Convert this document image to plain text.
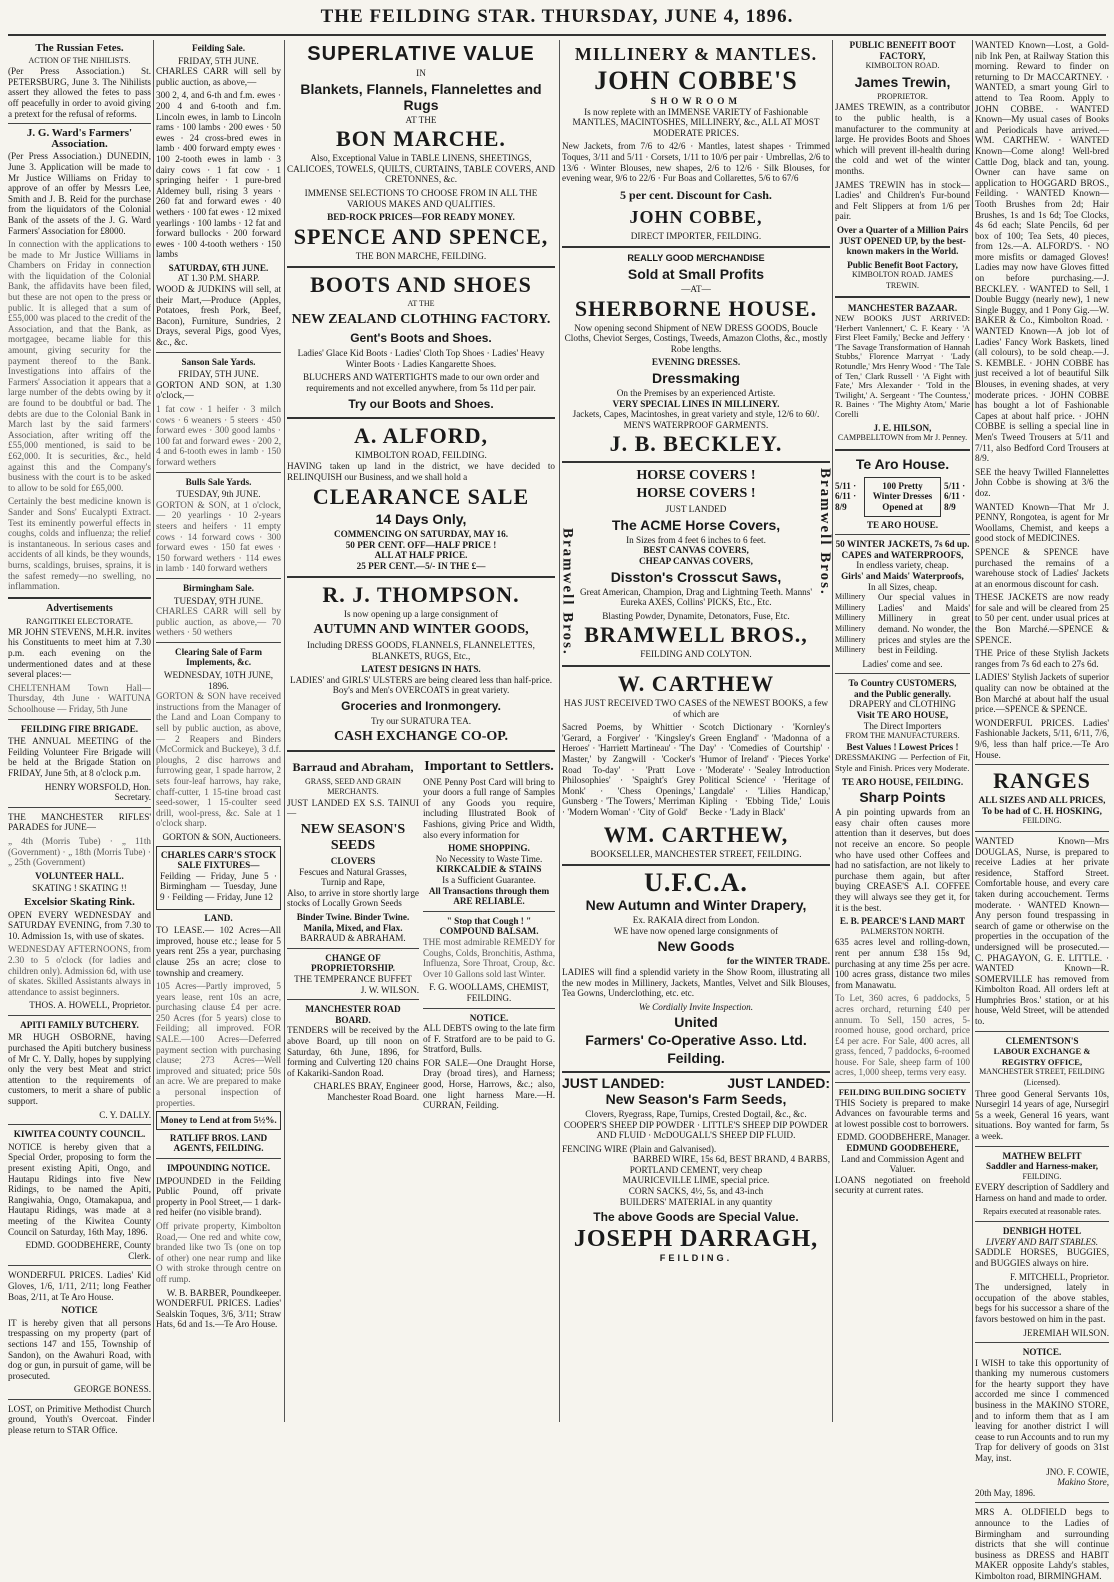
THE FEILDING STAR. THURSDAY, JUNE 4, 1896.
The Russian Fetes.
ACTION OF THE NIHILISTS.

(Per Press Association.) St. PETERSBURG, June 3. The Nihilists assert they allowed the fetes to pass off peacefully in order to avoid giving a pretext for the refusal of reforms.

J. G. Ward's Farmers' Association.

(Per Press Association.) DUNEDIN, June 3. Application will be made to Mr Justice Williams on Friday to approve of an offer by Messrs Lee, Smith and J. B. Reid for the purchase from the liquidators of the Colonial Bank of the assets of the J. G. Ward Farmers' Association for £8000.

In connection with the applications to be made to Mr Justice Williams in Chambers on Friday in connection with the liquidation of the Colonial Bank, the affidavits have been filed, but these are not open to the press or public. It is alleged that a sum of £55,000 was placed to the credit of the Association, and that the Bank, as mortgagee, became liable for this amount, giving security for the payment thereof to the Bank. Investigations into affairs of the Farmers' Association it appears that a large number of the debts owing by it are found to be doubtful or bad. The debts are due to the Colonial Bank in March last by the said farmers' Association, after writing off the £55,000 mentioned, is said to be £62,000. It is securities, &c., held against this and the Company's business with the court is to be asked to allow to be sold for £65,000.

Certainly the best medicine known is Sander and Sons' Eucalypti Extract. Test its eminently powerful effects in coughs, colds and influenza; the relief is instantaneous. In serious cases and accidents of all kinds, be they wounds, burns, scaldings, bruises, sprains, it is the safest remedy—no swelling, no inflammation.

Advertisements
RANGITIKEI ELECTORATE.

MR JOHN STEVENS, M.H.R. invites his Constituents to meet him at 7.30 p.m. each evening on the undermentioned dates and at these several places:—

CHELTENHAM Town Hall—Thursday, 4th June · WAITUNA Schoolhouse — Friday, 5th June

FEILDING FIRE BRIGADE.

THE ANNUAL MEETING of the Feilding Volunteer Fire Brigade will be held at the Brigade Station on FRIDAY, June 5th, at 8 o'clock p.m.

HENRY WORSFOLD, Hon. Secretary.

THE MANCHESTER RIFLES' PARADES for JUNE—

„ 4th (Morris Tube) · „ 11th (Government) · „ 18th (Morris Tube) · „ 25th (Government)

VOLUNTEER HALL.
SKATING ! SKATING !!
Excelsior Skating Rink.

OPEN EVERY WEDNESDAY and SATURDAY EVENING, from 7.30 to 10. Admission 1s, with use of skates.

WEDNESDAY AFTERNOONS, from 2.30 to 5 o'clock (for ladies and children only). Admission 6d, with use of skates. Skilled Assistants always in attendance to assist beginners.

THOS. A. HOWELL, Proprietor.
APITI FAMILY BUTCHERY.

MR HUGH OSBORNE, having purchased the Apiti butchery business of Mr C. Y. Dally, hopes by supplying only the very best Meat and strict attention to the requirements of customers, to merit a share of public support.

C. Y. DALLY.
KIWITEA COUNTY COUNCIL.

NOTICE is hereby given that a Special Order, proposing to form the present existing Apiti, Ongo, and Hautapu Ridings into five New Ridings, to be named the Apiti, Rangiwahia, Ongo, Otamakapua, and Hautapu Ridings, was made at a meeting of the Kiwitea County Council on Saturday, 16th May, 1896.

EDMD. GOODBEHERE, County Clerk.

WONDERFUL PRICES. Ladies' Kid Gloves, 1/6, 1/11, 2/11; long Feather Boas, 2/11, at Te Aro House.

NOTICE

IT is hereby given that all persons trespassing on my property (part of sections 147 and 155, Township of Sandon), on the Awahuri Road, with dog or gun, in pursuit of game, will be prosecuted.

GEORGE BONESS.

LOST, on Primitive Methodist Church ground, Youth's Overcoat. Finder please return to STAR Office.

Feilding Sale.
FRIDAY, 5TH JUNE.

CHARLES CARR will sell by public auction, as above,—

300 2, 4, and 6-th and f.m. ewes · 200 4 and 6-tooth and f.m. Lincoln ewes, in lamb to Lincoln rams · 100 lambs · 200 ewes · 50 ewes · 24 cross-bred ewes in lamb · 400 forward empty ewes · 100 2-tooth ewes in lamb · 3 dairy cows · 1 fat cow · 1 springing heifer · 1 pure-bred Aldemey bull, rising 3 years · 260 fat and forward ewes · 40 wethers · 100 fat ewes · 12 mixed yearlings · 100 lambs · 12 fat and forward bullocks · 200 forward ewes · 100 4-tooth wethers · 150 lambs

SATURDAY, 6TH JUNE.
AT 1.30 P.M. SHARP.

WOOD & JUDKINS will sell, at their Mart,—Produce (Apples, Potatoes, fresh Pork, Beef, Bacon), Furniture, Sundries, 2 Drays, several Pigs, good Vyes, &c., &c.

Sanson Sale Yards.
FRIDAY, 5TH JUNE.

GORTON AND SON, at 1.30 o'clock,—

1 fat cow · 1 heifer · 3 milch cows · 6 weaners · 5 steers · 450 forward ewes · 300 good lambs · 100 fat and forward ewes · 200 2, 4 and 6-tooth ewes in lamb · 150 forward wethers

Bulls Sale Yards.
TUESDAY, 9th JUNE.

GORTON & SON, at 1 o'clock,— 20 yearlings · 10 2-years steers and heifers · 11 empty cows · 14 forward cows · 300 forward ewes · 150 fat ewes · 150 forward wethers · 114 ewes in lamb · 140 forward wethers

Birmingham Sale.
TUESDAY, 9TH JUNE.

CHARLES CARR will sell by public auction, as above,— 70 wethers · 50 wethers

Clearing Sale of Farm Implements, &c.
WEDNESDAY, 10TH JUNE, 1896.

GORTON & SON have received instructions from the Manager of the Land and Loan Company to sell by public auction, as above,— 2 Reapers and Binders (McCormick and Buckeye), 3 d.f. ploughs, 2 disc harrows and furrowing gear, 1 spade harrow, 2 sets four-leaf harrows, hay rake, chaff-cutter, 1 15-tine broad cast seed-sower, 1 15-coulter seed drill, wool-press, &c. Sale at 1 o'clock sharp.

GORTON & SON, Auctioneers.
CHARLES CARR'S STOCK SALE FIXTURES—

Feilding — Friday, June 5 · Birmingham — Tuesday, June 9 · Feilding — Friday, June 12

LAND.

TO LEASE.— 102 Acres—All improved, house etc.; lease for 5 years rent 25s a year, purchasing clause 25s an acre; close to township and creamery.

105 Acres—Partly improved, 5 years lease, rent 10s an acre, purchasing clause £4 per acre. 250 Acres (for 5 years) close to Feilding; all improved. FOR SALE.—100 Acres—Deferred payment section with purchasing clause; 273 Acres—Well improved and situated; price 50s an acre. We are prepared to make a personal inspection of properties.

Money to Lend at from 5½%.
RATLIFF BROS. LAND AGENTS, FEILDING.
IMPOUNDING NOTICE.

IMPOUNDED in the Feilding Public Pound, off private property in Pool Street,— 1 dark-red heifer (no visible brand).

Off private property, Kimbolton Road,— One red and white cow, branded like two Ts (one on top of other) one near rump and like O with stroke through centre on off rump.

W. B. BARBER, Poundkeeper.

WONDERFUL PRICES. Ladies' Sealskin Toques, 3/6, 3/11; Straw Hats, 6d and 1s.—Te Aro House.

SUPERLATIVE VALUE
IN
Blankets, Flannels, Flannelettes and Rugs
AT THE
BON MARCHE.

Also, Exceptional Value in TABLE LINENS, SHEETINGS, CALICOES, TOWELS, QUILTS, CURTAINS, TABLE COVERS, AND CRETONNES, &c.

IMMENSE SELECTIONS TO CHOOSE FROM IN ALL THE VARIOUS MAKES AND QUALITIES.

BED-ROCK PRICES—FOR READY MONEY.
SPENCE AND SPENCE,
THE BON MARCHE, FEILDING.
BOOTS AND SHOES
AT THE
NEW ZEALAND CLOTHING FACTORY.
Gent's Boots and Shoes.

Ladies' Glace Kid Boots · Ladies' Cloth Top Shoes · Ladies' Heavy Winter Boots · Ladies Kangarette Shoes.

BLUCHERS AND WATERTIGHTS made to our own order and requirements and not excelled anywhere, from 5s 11d per pair.

Try our Boots and Shoes.
A. ALFORD,
KIMBOLTON ROAD, FEILDING.

HAVING taken up land in the district, we have decided to RELINQUISH our Business, and we shall hold a

CLEARANCE SALE
14 Days Only,
COMMENCING ON SATURDAY, MAY 16.
50 PER CENT. OFF—HALF PRICE !
ALL AT HALF PRICE.
25 PER CENT.—5/- IN THE £—
R. J. THOMPSON.
Is now opening up a large consignment of
AUTUMN AND WINTER GOODS,

Including DRESS GOODS, FLANNELS, FLANNELETTES, BLANKETS, RUGS, Etc.,

LATEST DESIGNS IN HATS.
LADIES' and GIRLS' ULSTERS are being cleared less than half-price.
Boy's and Men's OVERCOATS in great variety.
Groceries and Ironmongery.
Try our SURATURA TEA.
CASH EXCHANGE CO-OP.
Barraud and Abraham,
GRASS, SEED AND GRAIN MERCHANTS.

JUST LANDED EX S.S. TAINUI—

NEW SEASON'S SEEDS
CLOVERS
Fescues and Natural Grasses, Turnip and Rape,

Also, to arrive in store shortly large stocks of Locally Grown Seeds

Binder Twine. Binder Twine.
Manila, Mixed, and Flax.
BARRAUD & ABRAHAM.
CHANGE OF PROPRIETORSHIP.
THE TEMPERANCE BUFFET
J. W. WILSON.
MANCHESTER ROAD BOARD.

TENDERS will be received by the above Board, up till noon on Saturday, 6th June, 1896, for forming and Culverting 120 chains of Kakariki-Sandon Road.

CHARLES BRAY, Engineer Manchester Road Board.
Important to Settlers.

ONE Penny Post Card will bring to your doors a full range of Samples of any Goods you require, including Illustrated Book of Fashions, giving Price and Width, also every information for

HOME SHOPPING.
No Necessity to Waste Time.
KIRKCALDIE & STAINS
Is a Sufficient Guarantee.
All Transactions through them ARE RELIABLE.
" Stop that Cough ! "
COMPOUND BALSAM.

THE most admirable REMEDY for Coughs, Colds, Bronchitis, Asthma, Influenza, Sore Throat, Croup, &c. Over 10 Gallons sold last Winter.

F. G. WOOLLAMS, CHEMIST, FEILDING.
NOTICE.

ALL DEBTS owing to the late firm of F. Stratford are to be paid to G. Stratford, Bulls.

FOR SALE—One Draught Horse, Dray (broad tires), and Harness; good, Horse, Harrows, &c.; also, one light harness Mare.—H. CURRAN, Feilding.

MILLINERY & MANTLES.
JOHN COBBE'S
SHOWROOM

Is now replete with an IMMENSE VARIETY of Fashionable MANTLES, MACINTOSHES, MILLINERY, &c., ALL AT MOST MODERATE PRICES.

New Jackets, from 7/6 to 42/6 · Mantles, latest shapes · Trimmed Toques, 3/11 and 5/11 · Corsets, 1/11 to 10/6 per pair · Umbrellas, 2/6 to 13/6 · Winter Blouses, new shapes, 2/6 to 12/6 · Silk Blouses, for evening wear, 9/6 to 22/6 · Fur Boas and Collarettes, 5/6 to 67/6

5 per cent. Discount for Cash.
JOHN COBBE,
DIRECT IMPORTER, FEILDING.
REALLY GOOD MERCHANDISE
Sold at Small Profits
—AT—
SHERBORNE HOUSE.

Now opening second Shipment of NEW DRESS GOODS, Boucle Cloths, Cheviot Serges, Costings, Tweeds, Amazon Cloths, &c., mostly Robe lengths.

EVENING DRESSES.
Dressmaking
On the Premises by an experienced Artiste.
VERY SPECIAL LINES IN MILLINERY.
Jackets, Capes, Macintoshes, in great variety and style, 12/6 to 60/.
MEN'S WATERPROOF GARMENTS.
J. B. BECKLEY.
Bramwell Bros.	Bramwell Bros.
HORSE COVERS !
HORSE COVERS !
JUST LANDED
The ACME Horse Covers,
In Sizes from 4 feet 6 inches to 6 feet.
BEST CANVAS COVERS,
CHEAP CANVAS COVERS,
Disston's Crosscut Saws,

Great American, Champion, Drag and Lightning Teeth. Manns' Eureka AXES, Collins' PICKS, Etc., Etc.

Blasting Powder, Dynamite, Detonators, Fuse, Etc.
BRAMWELL BROS.,
FEILDING AND COLYTON.
W. CARTHEW

HAS JUST RECEIVED TWO CASES of the NEWEST BOOKS, a few of which are

Sacred Poems, by Whittier · 'Gerard, a Forgiver' · 'Kingsley's Heroes' · 'Harriett Martineau' · 'The Master,' by Zangwill · 'Cocker's Road To-day' · 'Pratt Love Philosophies' · 'Spaight's Grey Monk' · 'Chess Openings,' Gunsberg · 'The Towers,' Merriman · 'Modern Woman' · 'City of Gold'

Scotch Dictionary · 'Kornley's Green England' · 'Madonna of a Day' · 'Comedies of Courtship' · 'Humor of Ireland' · 'Pieces Yorke' · 'Moderate' · 'Sealey Introduction Political Science' · 'Heritage of Langdale' · 'Lilies Handicap,' Kipling · 'Ebbing Tide,' Louis Becke · 'Lady in Black'

WM. CARTHEW,
BOOKSELLER, MANCHESTER STREET, FEILDING.
U.F.C.A.
New Autumn and Winter Drapery,
Ex. RAKAIA direct from London.
WE have now opened large consignments of
New Goods
for the WINTER TRADE.

LADIES will find a splendid variety in the Show Room, illustrating all the new modes in Millinery, Jackets, Mantles, Velvet and Silk Blouses, Tea Gowns, Underclothing, etc. etc.

We Cordially Invite Inspection.
United
Farmers' Co-Operative Asso. Ltd.
Feilding.
JUST LANDED:	JUST LANDED:
New Season's Farm Seeds,
Clovers, Ryegrass, Rape, Turnips, Crested Dogtail, &c., &c.

COOPER'S SHEEP DIP POWDER · LITTLE'S SHEEP DIP POWDER AND FLUID · McDOUGALL'S SHEEP DIP FLUID.

FENCING WIRE (Plain and Galvanised).
BARBED WIRE, 15s 6d, BEST BRAND, 4 BARBS,
PORTLAND CEMENT, very cheap
MAURICEVILLE LIME, special price.
CORN SACKS, 4½, 5s, and 43-inch
BUILDERS' MATERIAL in any quantity
The above Goods are Special Value.
JOSEPH DARRAGH,
FEILDING.
PUBLIC BENEFIT BOOT FACTORY,
KIMBOLTON ROAD.
James Trewin,
PROPRIETOR.

JAMES TREWIN, as a contributor to the public health, is a manufacturer to the community at large. He provides Boots and Shoes which will prevent ill-health during the cold and wet of the winter months.

JAMES TREWIN has in stock—Ladies' and Children's Fur-bound and Felt Slippers at from 1/6 per pair.

Over a Quarter of a Million Pairs JUST OPENED UP, by the best-known makers in the World.

Public Benefit Boot Factory,
KIMBOLTON ROAD. JAMES TREWIN.
MANCHESTER BAZAAR.

NEW BOOKS JUST ARRIVED: 'Herbert Vanlennert,' C. F. Keary · 'A First Fleet Family,' Becke and Jeffery · 'The Savage Transformation of Hannah Stubbs,' Florence Marryat · 'Lady Rotundle,' Mrs Henry Wood · 'The Tale of Ten,' Clark Russell · 'A Fight with Fate,' Mrs Alexander · 'Told in the Twilight,' A. Sergeant · 'The Countess,' R. Baines · 'The Mighty Atom,' Marie Corelli

J. E. HILSON,
CAMPBELLTOWN from Mr J. Penney.
Te Aro House.
5/11 · 6/11 · 8/9
100 Pretty Winter Dresses Opened at
5/11 · 6/11 · 8/9
TE ARO HOUSE.
50 WINTER JACKETS, 7s 6d up.
CAPES and WATERPROOFS,
In endless variety, cheap.
Girls' and Maids' Waterproofs,
In all Sizes, cheap.
Millinery Millinery Millinery Millinery Millinery Millinery

Our special values in Ladies' and Maids' Millinery in great demand. No wonder, the prices and styles are the best in Feilding.

Ladies' come and see.
To Country CUSTOMERS,
and the Public generally.
DRAPERY and CLOTHING
Visit TE ARO HOUSE,
The Direct Importers
FROM THE MANUFACTURERS.
Best Values ! Lowest Prices !

DRESSMAKING — Perfection of Fit, Style and Finish. Prices very Moderate.

TE ARO HOUSE, FEILDING.
Sharp Points

A pin pointing upwards from an easy chair often causes more attention than it deserves, but does not receive an encore. So people who have used other Coffees and had no satisfaction, are not likely to purchase them again, but after buying CREASE'S A.I. COFFEE they will always see they get it, for it is the best.

E. B. PEARCE'S LAND MART
PALMERSTON NORTH.

635 acres level and rolling-down, rent per annum £38 15s 9d, purchasing at any time 25s per acre. 100 acres grass, distance two miles from Manawatu.

To Let, 360 acres, 6 paddocks, 5 acres orchard, returning £40 per annum. To Sell, 150 acres, 5-roomed house, good orchard, price £4 per acre. For Sale, 400 acres, all grass, fenced, 7 paddocks, 6-roomed house. For Sale, sheep farm of 100 acres, 1,000 sheep, terms very easy.

FEILDING BUILDING SOCIETY

THIS Society is prepared to make Advances on favourable terms and at lowest possible cost to borrowers.

EDMD. GOODBEHERE, Manager.
EDMUND GOODBEHERE,
Land and Commission Agent and Valuer.

LOANS negotiated on freehold security at current rates.

WANTED Known—Lost, a Gold-nib Ink Pen, at Railway Station this morning. Reward to finder on returning to Dr MACCARTNEY. · WANTED, a smart young Girl to attend to Tea Room. Apply to JOHN COBBE. · WANTED Known—My usual cases of Books and Periodicals have arrived.—WM. CARTHEW. · WANTED Known—Come along! Well-bred Cattle Dog, black and tan, young. Owner can have same on application to HOGGARD BROS., Feilding. · WANTED Known—Tooth Brushes from 2d; Hair Brushes, 1s and 1s 6d; Toe Clocks, 4s 6d each; Slate Pencils, 6d per box of 100; Tea Sets, 40 pieces, from 12s.—A. ALFORD'S. · NO more misfits or damaged Gloves! Ladies may now have Gloves fitted on before purchasing.—J. BECKLEY. · WANTED to Sell, 1 Double Buggy (nearly new), 1 new Single Buggy, and 1 Pony Gig.—W. BAKER & Co., Kimbolton Road. · WANTED Known—A job lot of Ladies' Fancy Work Baskets, lined (all colours), to be sold cheap.—J. S. KEMBLE. · JOHN COBBE has just received a lot of beautiful Silk Blouses, in evening shades, at very moderate prices. · JOHN COBBE has bought a lot of Fashionable Capes at about half price. · JOHN COBBE is selling a special line in Men's Tweed Trousers at 5/11 and 7/11, also Bedford Cord Trousers at 8/9.

SEE the heavy Twilled Flannelettes John Cobbe is showing at 3/6 the doz.

WANTED Known—That Mr J. PENNY, Rongotea, is agent for Mr Woollams, Chemist, and keeps a good stock of MEDICINES.

SPENCE & SPENCE have purchased the remains of a warehouse stock of Ladies' Jackets at an enormous discount for cash.

THESE JACKETS are now ready for sale and will be cleared from 25 to 50 per cent. under usual prices at the Bon Marché.—SPENCE & SPENCE.

THE Price of these Stylish Jackets ranges from 7s 6d each to 27s 6d.

LADIES' Stylish Jackets of superior quality can now be obtained at the Bon Marché at about half the usual price.—SPENCE & SPENCE.

WONDERFUL PRICES. Ladies' Fashionable Jackets, 5/11, 6/11, 7/6, 9/6, less than half price.—Te Aro House.

RANGES
ALL SIZES AND ALL PRICES,
To be had of C. H. HOSKING,
FEILDING.

WANTED Known—Mrs DOUGLAS, Nurse, is prepared to receive Ladies at her private residence, Stafford Street. Comfortable house, and every care taken during accouchement. Terms moderate. · WANTED Known—Any person found trespassing in search of game or otherwise on the properties in the occupation of the undersigned will be prosecuted.—C. PHAGAYON, G. E. LITTLE. · WANTED Known—R. SOMERVILLE has removed from Kimbolton Road. All orders left at Humphries Bros.' station, or at his house, Weld Street, will be attended to.

CLEMENTSON'S
LABOUR EXCHANGE & REGISTRY OFFICE,
MANCHESTER STREET, FEILDING (Licensed).

Three good General Servants 10s, Nursegirl 14 years of age, Nursegirl 5s a week, General 16 years, want situations. Boy wanted for farm, 5s a week.

MATHEW BELFIT
Saddler and Harness-maker,
FEILDING.

EVERY description of Saddlery and Harness on hand and made to order.

Repairs executed at reasonable rates.
DENBIGH HOTEL
LIVERY AND BAIT STABLES.

SADDLE HORSES, BUGGIES, and BUGGIES always on hire.

F. MITCHELL, Proprietor.

The undersigned, lately in occupation of the above stables, begs for his successor a share of the favors bestowed on him in the past.

JEREMIAH WILSON.
NOTICE.

I WISH to take this opportunity of thanking my numerous customers for the hearty support they have accorded me since I commenced business in the MAKINO STORE, and to inform them that as I am leaving for another district I will cease to run Accounts and to run my Trap for delivery of goods on 31st May, inst.

JNO. F. COWIE,
Makino Store,
20th May, 1896.

MRS A. OLDFIELD begs to announce to the Ladies of Birmingham and surrounding districts that she will continue business as DRESS and HABIT MAKER opposite Lahdy's stables, Kimbolton road, BIRMINGHAM.
